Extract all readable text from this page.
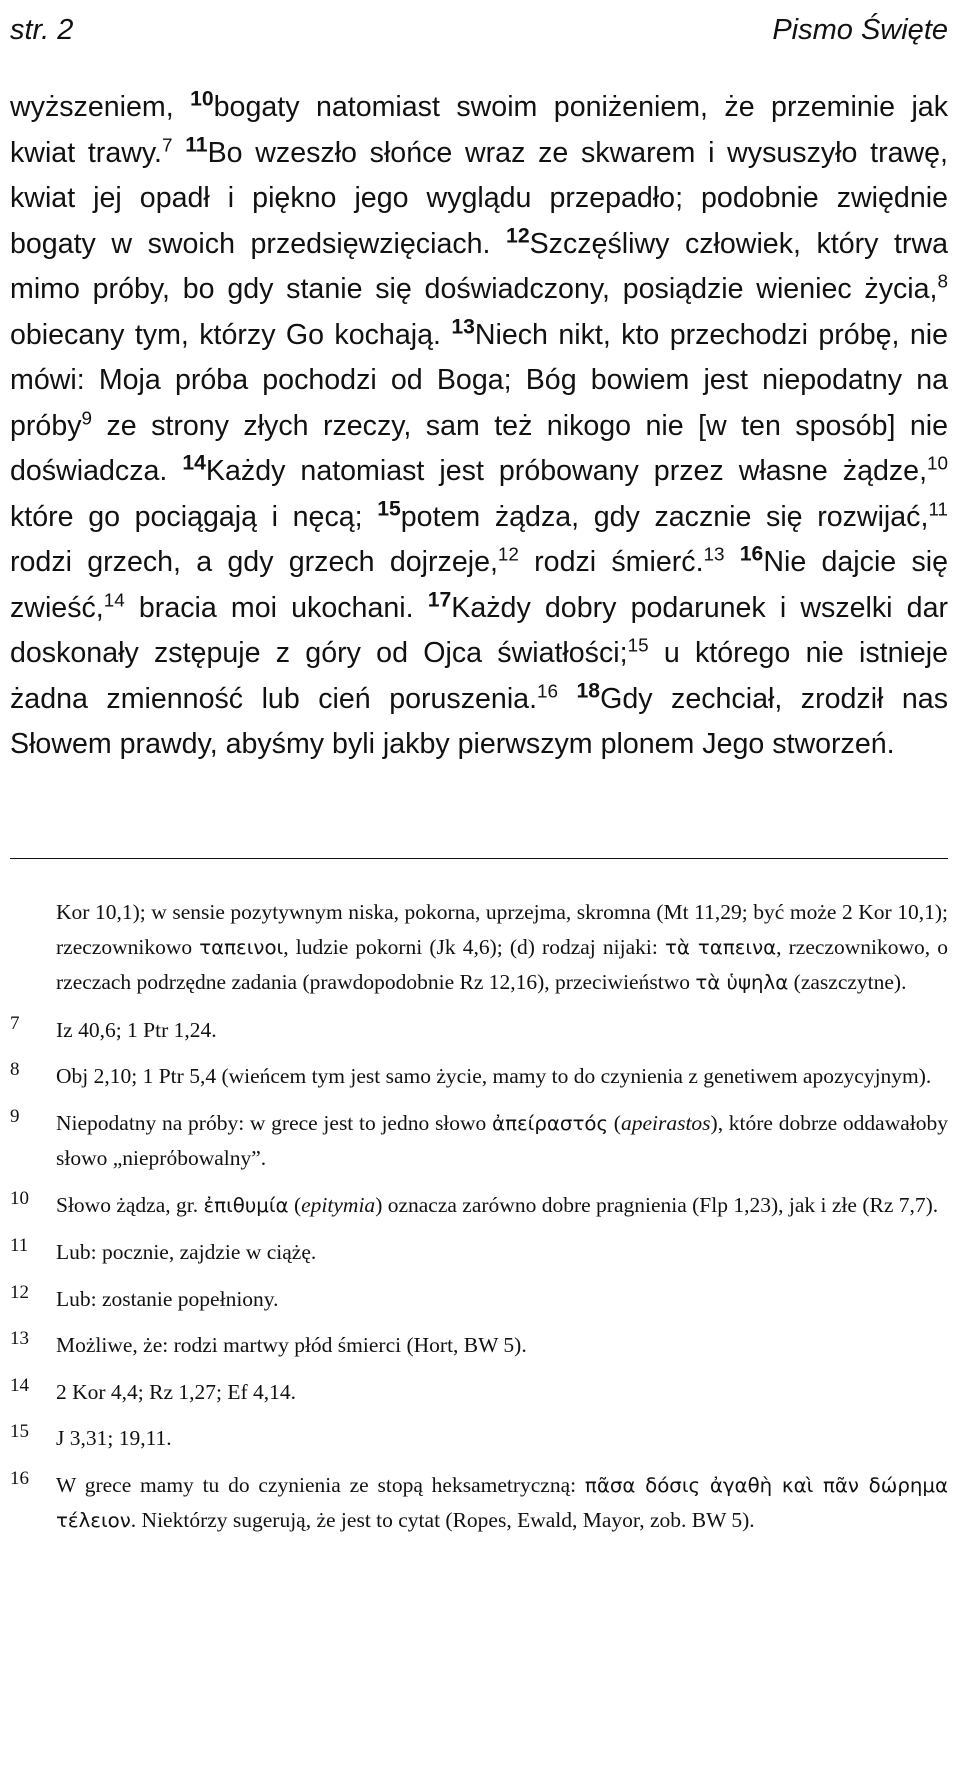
str. 2	Pismo Święte

wyższeniem, $^{10}$bogaty natomiast swoim poniżeniem, że przeminie jak kwiat trawy.$^7$ $^{11}$Bo wzeszło słońce wraz ze skwarem i wysuszyło trawę, kwiat jej opadł i piękno jego wyglądu przepadło; podobnie zwiędnie bogaty w swoich przedsięwzięciach. $^{12}$Szczęśliwy człowiek, który trwa mimo próby, bo gdy stanie się doświadczony, posiądzie wieniec życia,$^8$ obiecany tym, którzy Go kochają. $^{13}$Niech nikt, kto przechodzi próbę, nie mówi: Moja próba pochodzi od Boga; Bóg bowiem jest niepodatny na próby$^9$ ze strony złych rzeczy, sam też nikogo nie [w ten sposób] nie doświadcza. $^{14}$Każdy natomiast jest próbowany przez własne żądze,$^{10}$ które go pociągają i nęcą; $^{15}$potem żądza, gdy zacznie się rozwijać,$^{11}$ rodzi grzech, a gdy grzech dojrzeje,$^{12}$ rodzi śmierć.$^{13}$ $^{16}$Nie dajcie się zwieść,$^{14}$ bracia moi ukochani. $^{17}$Każdy dobry podarunek i wszelki dar doskonały zstępuje z góry od Ojca światłości;$^{15}$ u którego nie istnieje żadna zmienność lub cień poruszenia.$^{16}$ $^{18}$Gdy zechciał, zrodził nas Słowem prawdy, abyśmy byli jakby pierwszym plonem Jego stworzeń.

Kor 10,1); w sensie pozytywnym niska, pokorna, uprzejma, skromna (Mt 11,29; być może 2 Kor 10,1); rzeczownikowo ταπεινοι, ludzie pokorni (Jk 4,6); (d) rodzaj nijaki: τὰ ταπεινα, rzeczownikowo, o rzeczach podrzędne zadania (prawdopodobnie Rz 12,16), przeciwieństwo τὰ ὑψηλα (zaszczytne).

7 Iz 40,6; 1 Ptr 1,24.

8 Obj 2,10; 1 Ptr 5,4 (wieńcem tym jest samo życie, mamy to do czynienia z genetiwem apozycyjnym).

9 Niepodatny na próby: w grece jest to jedno słowo ἀπείραστός (apeirastos), które dobrze oddawałoby słowo „nieprόbowalny”.

10 Słowo żądza, gr. ἐπιθυμία (epitymia) oznacza zarówno dobre pragnienia (Flp 1,23), jak i złe (Rz 7,7).

11 Lub: pocznie, zajdzie w ciążę.

12 Lub: zostanie popełniony.

13 Możliwe, że: rodzi martwy płód śmierci (Hort, BW 5).

14 2 Kor 4,4; Rz 1,27; Ef 4,14.

15 J 3,31; 19,11.

16 W grece mamy tu do czynienia ze stopą heksametryczną: πᾶσα δόσις ἀγαθὴ καὶ πᾶν δώρημα τέλειον. Niektórzy sugerują, że jest to cytat (Ropes, Ewald, Mayor, zob. BW 5).
